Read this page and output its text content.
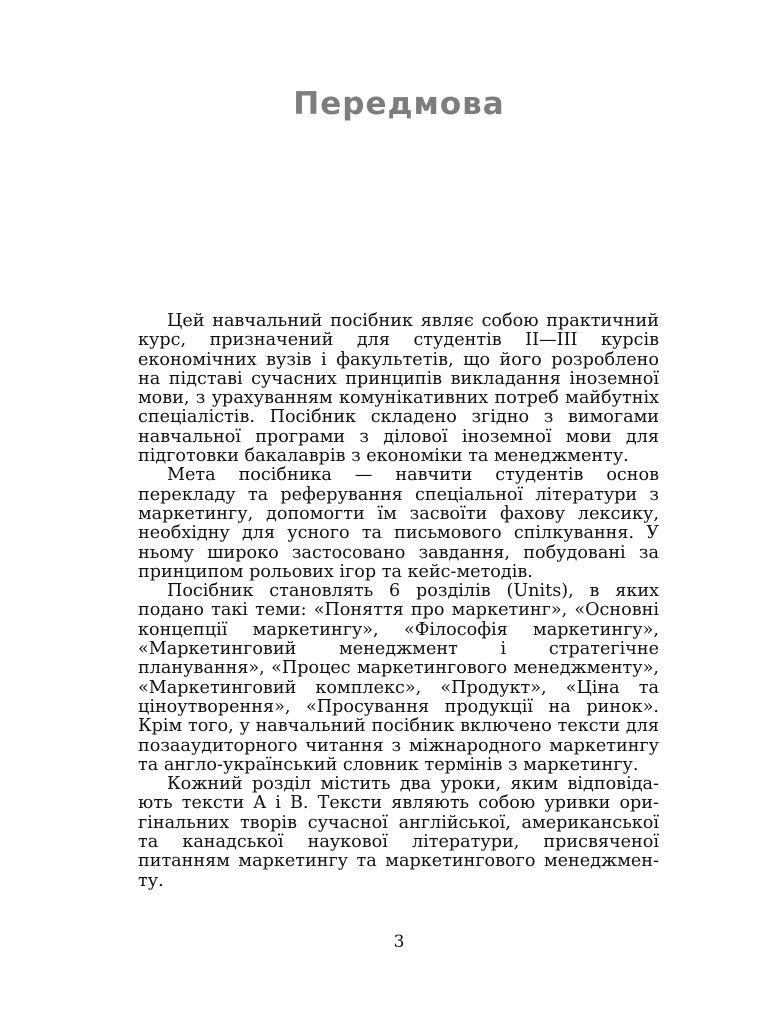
Передмова

Цей навчальний посібник являє собою практичний курс, призначений для студентів II—III курсів економічних вузів і факультетів, що його розроблено на підставі сучасних принципів викладання іноземної мови, з урахуванням комунікативних потреб майбутніх спеціалістів. Посібник складено згідно з вимогами навчальної програми з ділової іноземної мови для підготовки бакалаврів з економіки та менеджменту.

Мета посібника — навчити студентів основ перекладу та реферування спеціальної літератури з маркетингу, допомогти їм засвоїти фахову лексику, необхідну для усного та письмового спілкування. У ньому широко застосовано завдання, побудовані за принципом рольових ігор та кейс-методів.

Посібник становлять 6 розділів (Units), в яких подано такі теми: «Поняття про маркетинг», «Основні концепції маркетингу», «Філософія маркетингу», «Маркетинговий менеджмент і стратегічне планування», «Процес маркетингового менеджменту», «Маркетинговий комплекс», «Продукт», «Ціна та ціноутворення», «Просування продукції на ринок». Крім того, у навчальний посібник включено тексти для позааудиторного читання з міжнародного маркетингу та англо-український словник термінів з маркетингу.

Кожний розділ містить два уроки, яким відповідають тексти A і B. Тексти являють собою уривки оригінальних творів сучасної англійської, американської та канадської наукової літератури, присвяченої питанням маркетингу та маркетингового менеджменту.

3
